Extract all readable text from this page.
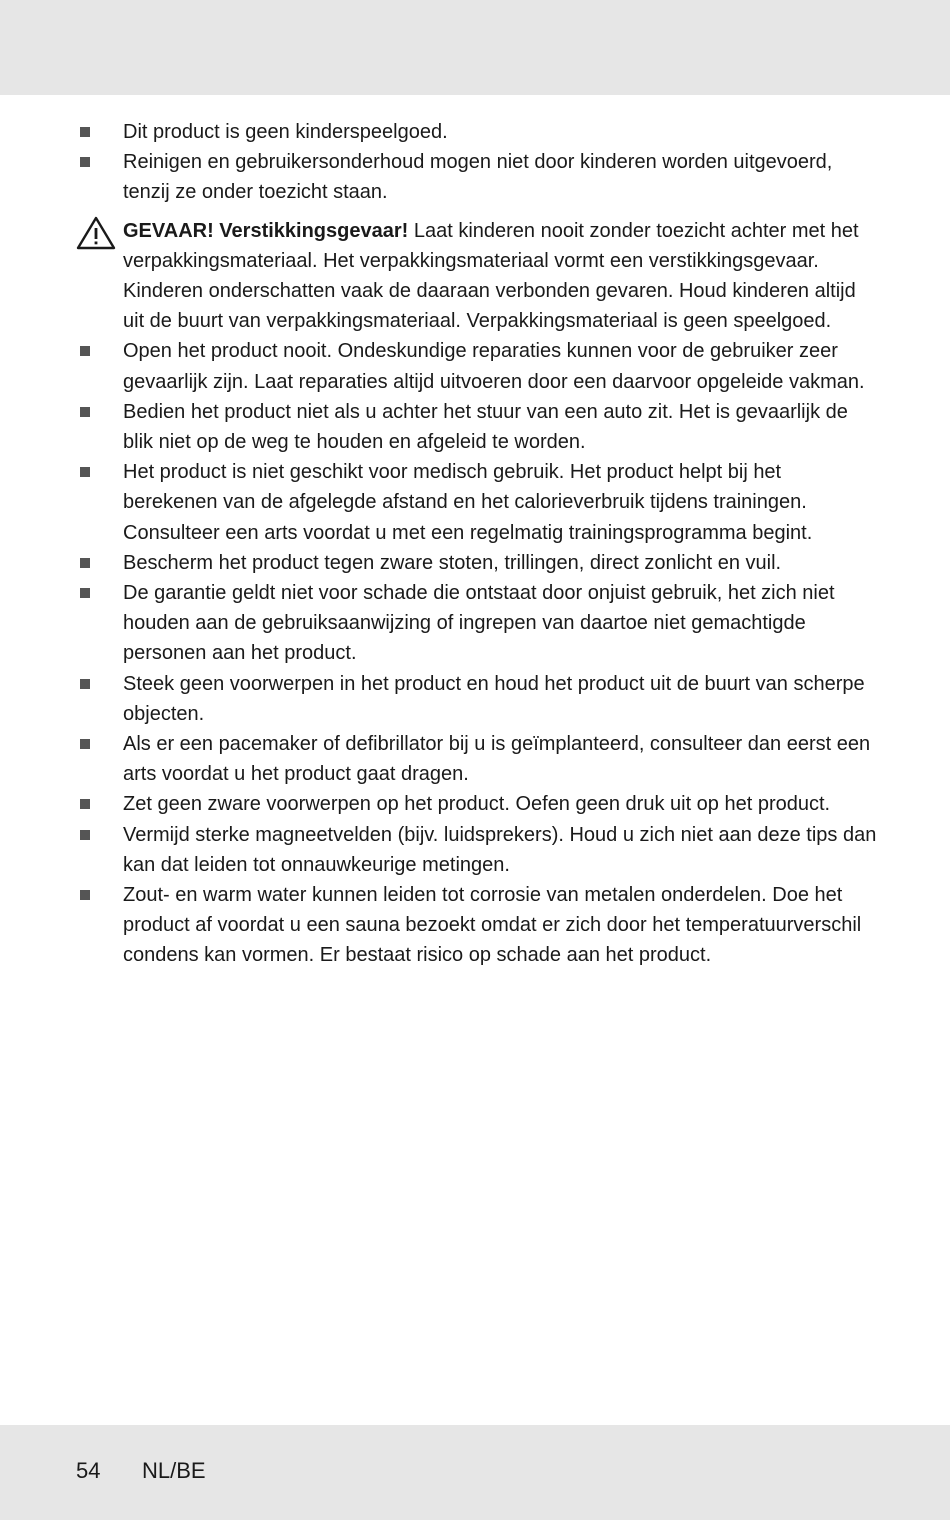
Dit product is geen kinderspeelgoed.
Reinigen en gebruikersonderhoud mogen niet door kinderen worden uitgevoerd, tenzij ze onder toezicht staan.
GEVAAR! Verstikkingsgevaar! Laat kinderen nooit zonder toezicht achter met het verpakkingsmateriaal. Het verpakkingsmateriaal vormt een verstikkingsgevaar. Kinderen onderschatten vaak de daaraan verbonden gevaren. Houd kinderen altijd uit de buurt van verpakkingsmateriaal. Verpakkingsmateriaal is geen speelgoed.
Open het product nooit. Ondeskundige reparaties kunnen voor de gebruiker zeer gevaarlijk zijn. Laat reparaties altijd uitvoeren door een daarvoor opgeleide vakman.
Bedien het product niet als u achter het stuur van een auto zit. Het is gevaarlijk de blik niet op de weg te houden en afgeleid te worden.
Het product is niet geschikt voor medisch gebruik. Het product helpt bij het berekenen van de afgelegde afstand en het calorieverbruik tijdens trainingen. Consulteer een arts voordat u met een regelmatig trainingsprogramma begint.
Bescherm het product tegen zware stoten, trillingen, direct zonlicht en vuil.
De garantie geldt niet voor schade die ontstaat door onjuist gebruik, het zich niet houden aan de gebruiksaanwijzing of ingrepen van daartoe niet gemachtigde personen aan het product.
Steek geen voorwerpen in het product en houd het product uit de buurt van scherpe objecten.
Als er een pacemaker of defibrillator bij u is geïmplanteerd, consulteer dan eerst een arts voordat u het product gaat dragen.
Zet geen zware voorwerpen op het product. Oefen geen druk uit op het product.
Vermijd sterke magneetvelden (bijv. luidsprekers). Houd u zich niet aan deze tips dan kan dat leiden tot onnauwkeurige metingen.
Zout- en warm water kunnen leiden tot corrosie van metalen onderdelen. Doe het product af voordat u een sauna bezoekt omdat er zich door het temperatuurverschil condens kan vormen. Er bestaat risico op schade aan het product.
54 NL/BE
